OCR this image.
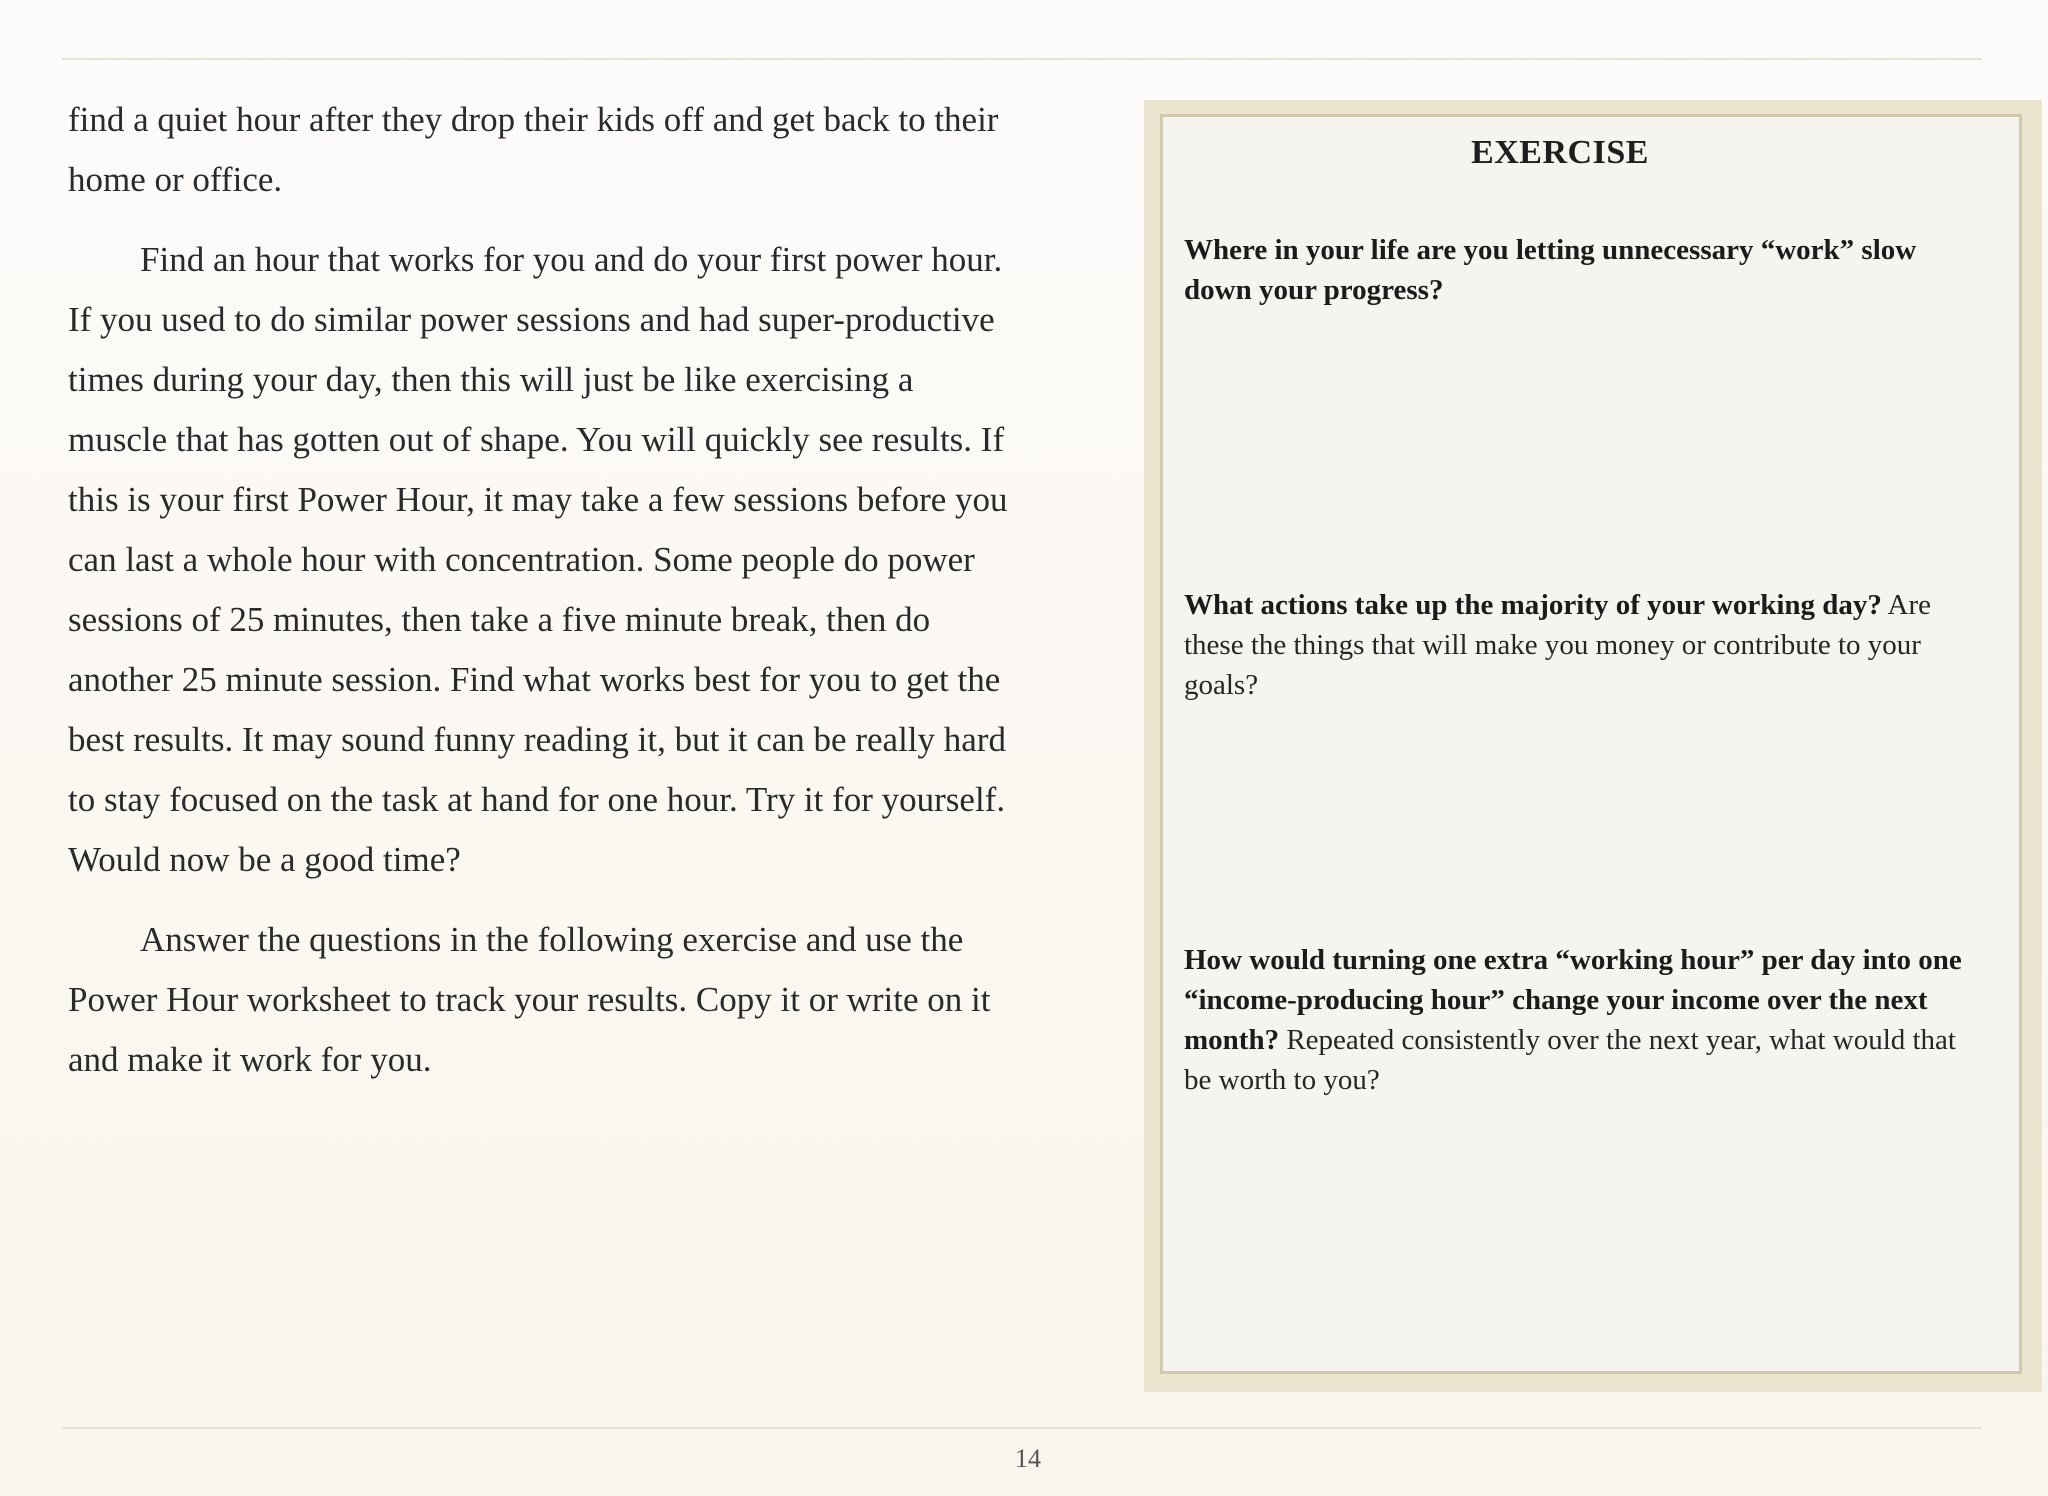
find a quiet hour after they drop their kids off and get back to their home or office.

Find an hour that works for you and do your first power hour. If you used to do similar power sessions and had super-productive times during your day, then this will just be like exercising a muscle that has gotten out of shape. You will quickly see results. If this is your first Power Hour, it may take a few sessions before you can last a whole hour with concentration. Some people do power sessions of 25 minutes, then take a five minute break, then do another 25 minute session. Find what works best for you to get the best results. It may sound funny reading it, but it can be really hard to stay focused on the task at hand for one hour. Try it for yourself. Would now be a good time?

Answer the questions in the following exercise and use the Power Hour worksheet to track your results. Copy it or write on it and make it work for you.

EXERCISE

Where in your life are you letting unnecessary “work” slow down your progress?

What actions take up the majority of your working day? Are these the things that will make you money or contribute to your goals?

How would turning one extra “working hour” per day into one “income-producing hour” change your income over the next month? Repeated consistently over the next year, what would that be worth to you?

14
